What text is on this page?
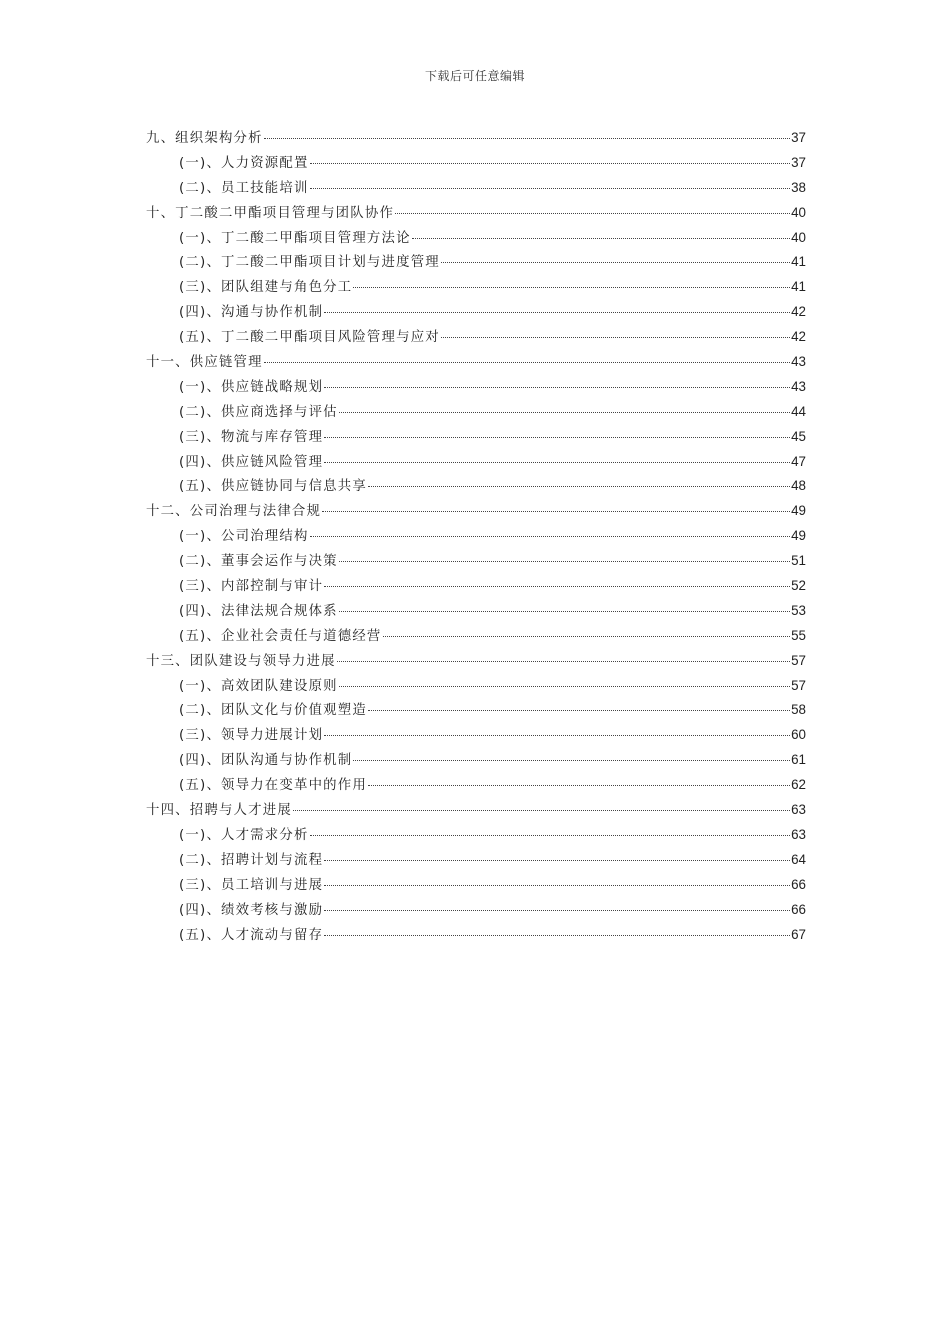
下载后可任意编辑
九、组织架构分析	37
(一)、人力资源配置	37
(二)、员工技能培训	38
十、丁二酸二甲酯项目管理与团队协作	40
(一)、丁二酸二甲酯项目管理方法论	40
(二)、丁二酸二甲酯项目计划与进度管理	41
(三)、团队组建与角色分工	41
(四)、沟通与协作机制	42
(五)、丁二酸二甲酯项目风险管理与应对	42
十一、供应链管理	43
(一)、供应链战略规划	43
(二)、供应商选择与评估	44
(三)、物流与库存管理	45
(四)、供应链风险管理	47
(五)、供应链协同与信息共享	48
十二、公司治理与法律合规	49
(一)、公司治理结构	49
(二)、董事会运作与决策	51
(三)、内部控制与审计	52
(四)、法律法规合规体系	53
(五)、企业社会责任与道德经营	55
十三、团队建设与领导力进展	57
(一)、高效团队建设原则	57
(二)、团队文化与价值观塑造	58
(三)、领导力进展计划	60
(四)、团队沟通与协作机制	61
(五)、领导力在变革中的作用	62
十四、招聘与人才进展	63
(一)、人才需求分析	63
(二)、招聘计划与流程	64
(三)、员工培训与进展	66
(四)、绩效考核与激励	66
(五)、人才流动与留存	67
